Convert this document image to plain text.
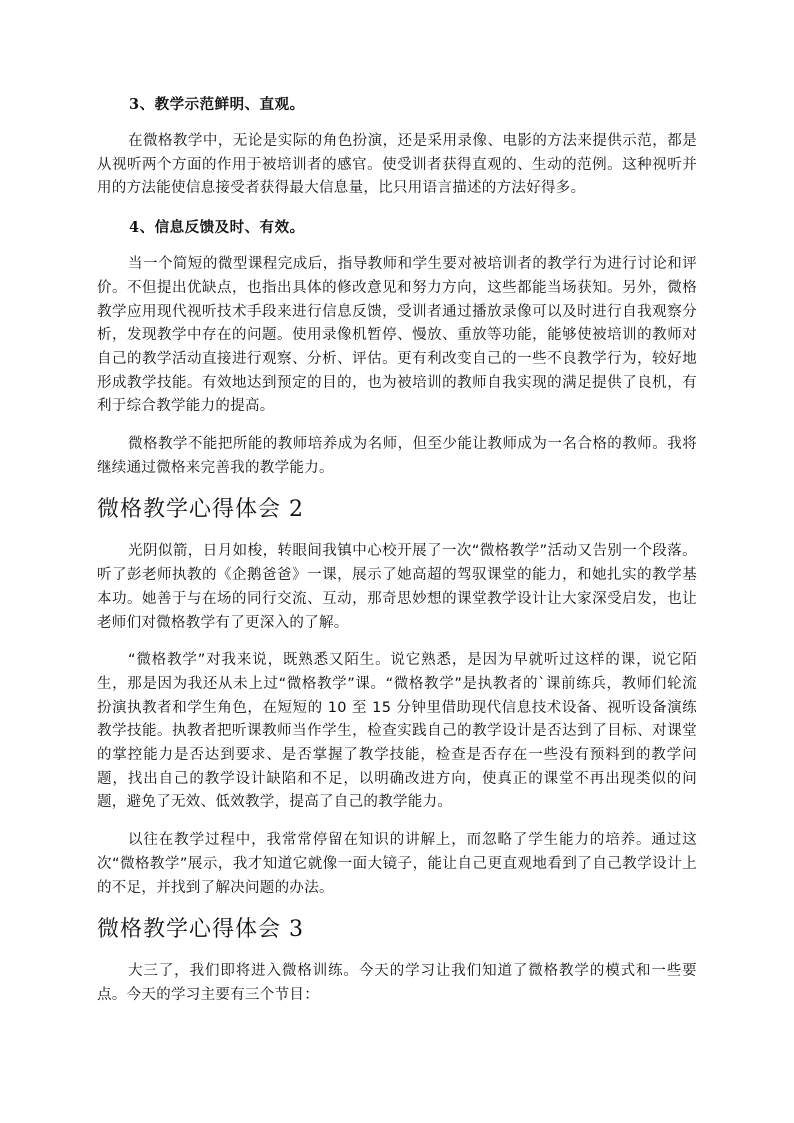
3、教学示范鲜明、直观。

在微格教学中，无论是实际的角色扮演，还是采用录像、电影的方法来提供示范，都是从视听两个方面的作用于被培训者的感官。使受训者获得直观的、生动的范例。这种视听并用的方法能使信息接受者获得最大信息量，比只用语言描述的方法好得多。

4、信息反馈及时、有效。

当一个简短的微型课程完成后，指导教师和学生要对被培训者的教学行为进行讨论和评价。不但提出优缺点，也指出具体的修改意见和努力方向，这些都能当场获知。另外，微格教学应用现代视听技术手段来进行信息反馈，受训者通过播放录像可以及时进行自我观察分析，发现教学中存在的问题。使用录像机暂停、慢放、重放等功能，能够使被培训的教师对自己的教学活动直接进行观察、分析、评估。更有利改变自己的一些不良教学行为，较好地形成教学技能。有效地达到预定的目的，也为被培训的教师自我实现的满足提供了良机，有利于综合教学能力的提高。

微格教学不能把所能的教师培养成为名师，但至少能让教师成为一名合格的教师。我将继续通过微格来完善我的教学能力。

微格教学心得体会 2

光阴似箭，日月如梭，转眼间我镇中心校开展了一次“微格教学”活动又告别一个段落。听了彭老师执教的《企鹅爸爸》一课，展示了她高超的驾驭课堂的能力，和她扎实的教学基本功。她善于与在场的同行交流、互动，那奇思妙想的课堂教学设计让大家深受启发，也让老师们对微格教学有了更深入的了解。

“微格教学”对我来说，既熟悉又陌生。说它熟悉，是因为早就听过这样的课，说它陌生，那是因为我还从未上过“微格教学”课。“微格教学”是执教者的`课前练兵，教师们轮流扮演执教者和学生角色，在短短的 10 至 15 分钟里借助现代信息技术设备、视听设备演练教学技能。执教者把听课教师当作学生，检查实践自己的教学设计是否达到了目标、对课堂的掌控能力是否达到要求、是否掌握了教学技能，检查是否存在一些没有预料到的教学问题，找出自己的教学设计缺陷和不足，以明确改进方向，使真正的课堂不再出现类似的问题，避免了无效、低效教学，提高了自己的教学能力。

以往在教学过程中，我常常停留在知识的讲解上，而忽略了学生能力的培养。通过这次“微格教学”展示，我才知道它就像一面大镜子，能让自己更直观地看到了自己教学设计上的不足，并找到了解决问题的办法。

微格教学心得体会 3

大三了，我们即将进入微格训练。今天的学习让我们知道了微格教学的模式和一些要点。今天的学习主要有三个节目：
